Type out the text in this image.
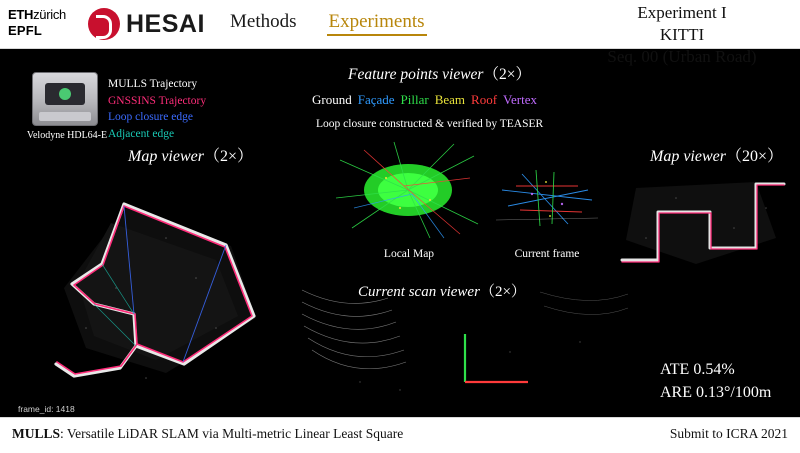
ETHzürich
EPFL	HESAI Methods Experiments	Experiment I
KITTI
Seq. 00 (Urban Road)
Velodyne HDL64-E
MULLS Trajectory
GNSSINS Trajectory
Loop closure edge
Adjacent edge
Map viewer（2×）
frame_id: 1418
Feature points viewer（2×）
Ground Façade Pillar Beam Roof Vertex
Loop closure constructed & verified by TEASER
Local Map	Current frame
Current scan viewer（2×）
Map viewer（20×）
ATE 0.54%
ARE 0.13°/100m
MULLS: Versatile LiDAR SLAM via Multi-metric Linear Least Square	Submit to ICRA 2021
